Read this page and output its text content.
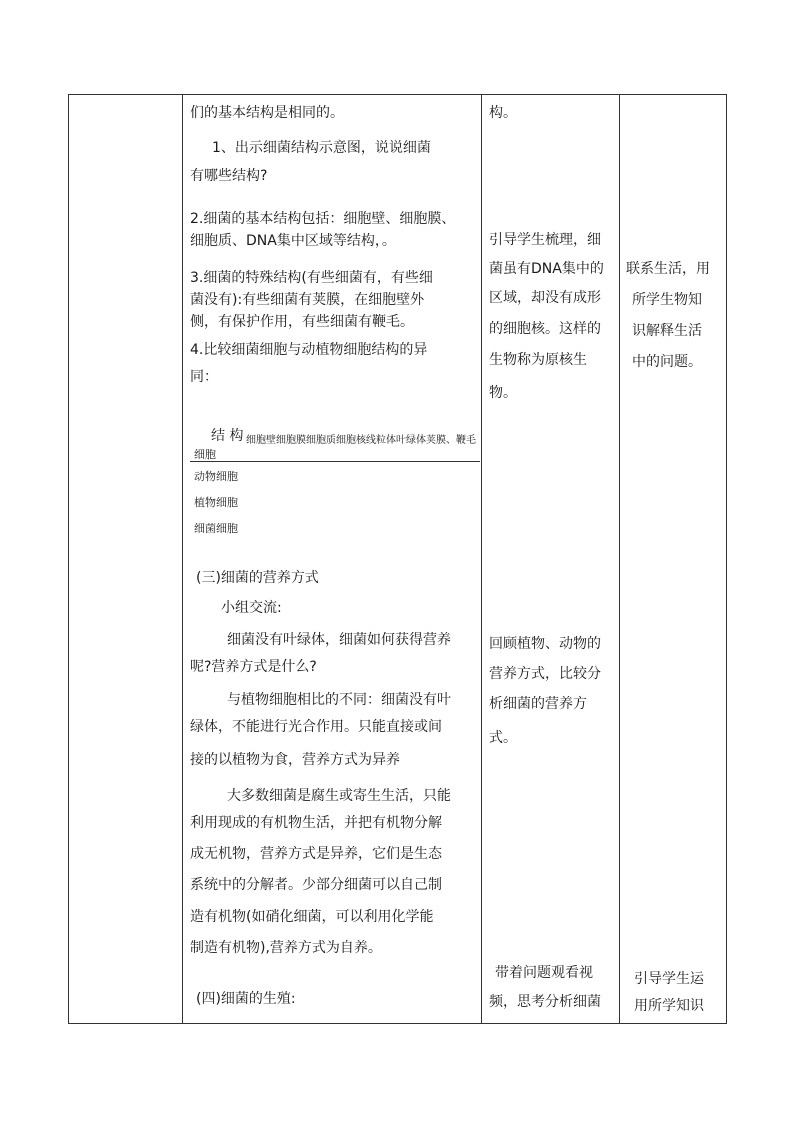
们的基本结构是相同的。
1、出示细菌结构示意图，说说细菌
有哪些结构?
2.细菌的基本结构包括：细胞壁、细胞膜、
细胞质、DNA集中区域等结构，。
3.细菌的特殊结构(有些细菌有，有些细
菌没有):有些细菌有荚膜，在细胞壁外
侧，有保护作用，有些细菌有鞭毛。
4.比较细菌细胞与动植物细胞结构的异
同：
结 构 细胞壁细胞膜细胞质细胞核线粒体叶绿体荚膜、鞭毛
细胞
动物细胞
植物细胞
细菌细胞
(三)细菌的营养方式
小组交流:
细菌没有叶绿体，细菌如何获得营养
呢?营养方式是什么?
与植物细胞相比的不同：细菌没有叶
绿体，不能进行光合作用。只能直接或间
接的以植物为食，营养方式为异养
大多数细菌是腐生或寄生生活，只能
利用现成的有机物生活，并把有机物分解
成无机物，营养方式是异养，它们是生态
系统中的分解者。少部分细菌可以自己制
造有机物(如硝化细菌，可以利用化学能
制造有机物),营养方式为自养。
(四)细菌的生殖:
构。
引导学生梳理，细
菌虽有DNA集中的
区域，却没有成形
的细胞核。这样的
生物称为原核生
物。
回顾植物、动物的
营养方式，比较分
析细菌的营养方
式。
带着问题观看视
频，思考分析细菌
联系生活，用
所学生物知
识解释生活
中的问题。
引导学生运
用所学知识
